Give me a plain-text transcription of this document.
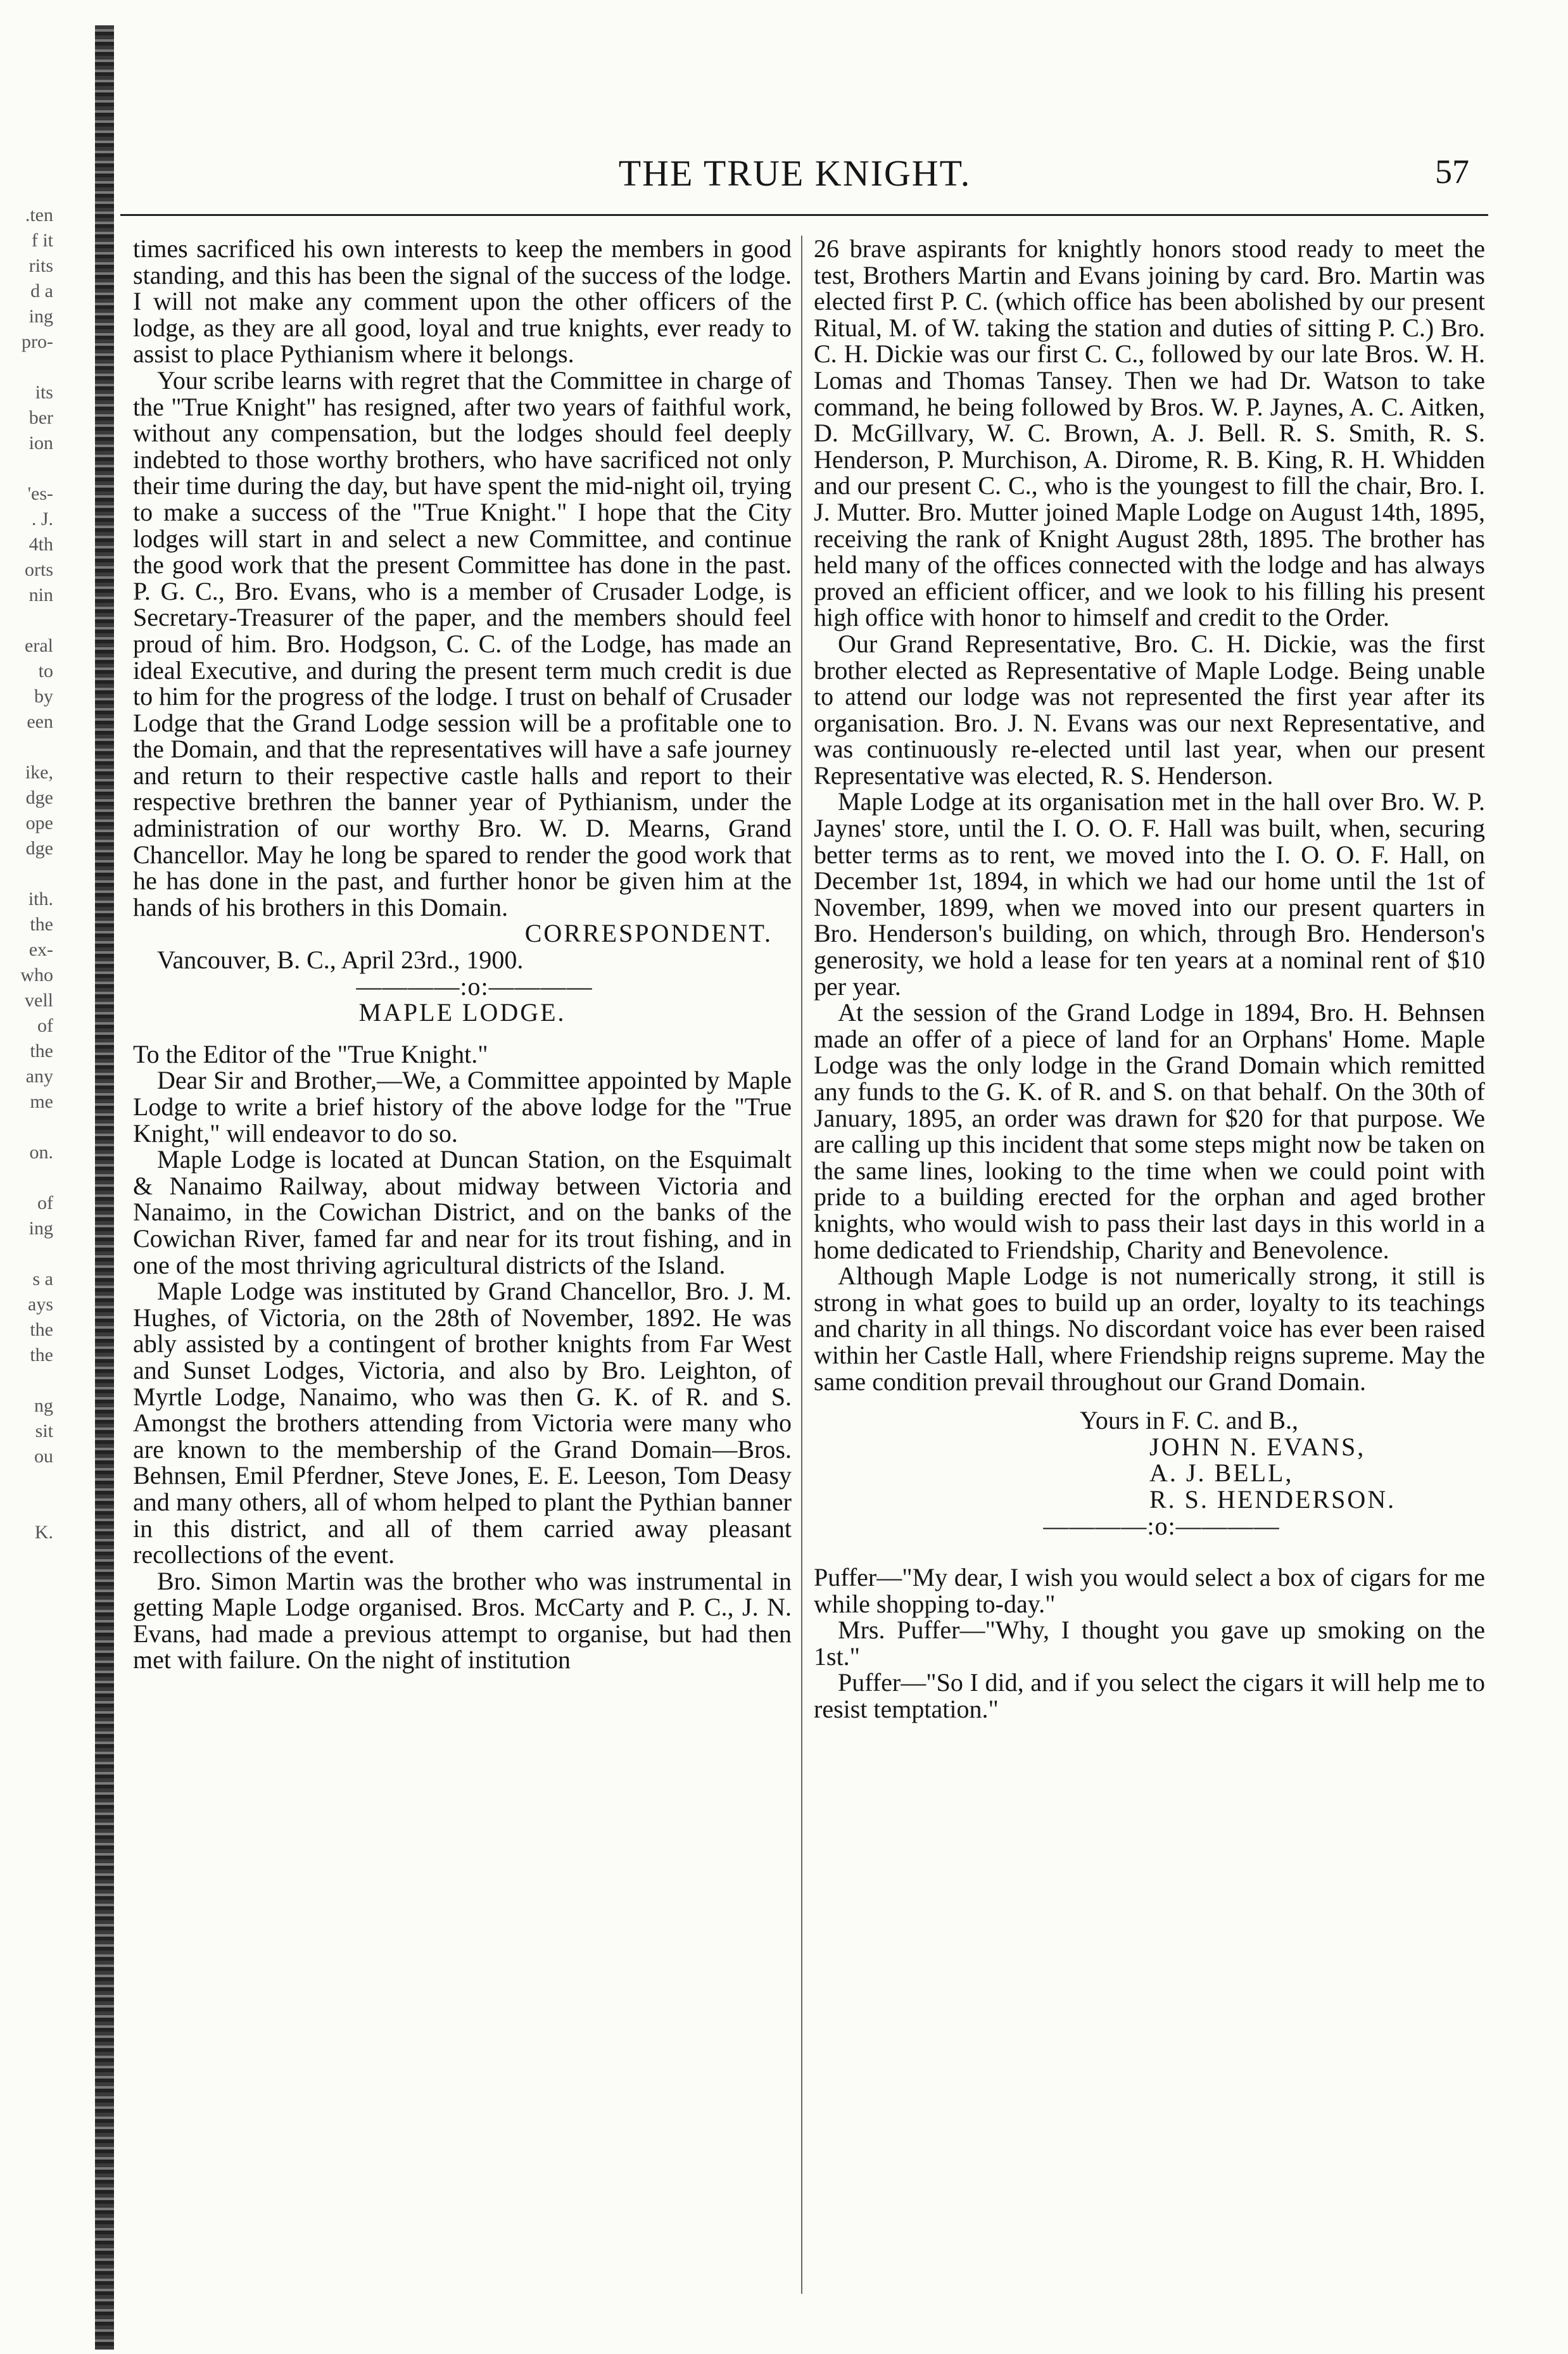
.ten
f it
rits
d a
ing
pro-
its
ber
ion
'es-
. J.
4th
orts
nin
eral
to
by
een
ike,
dge
ope
dge
ith.
the
ex-
who
vell
of
the
any
me
on.
of
ing
s a
ays
the
the
ng
sit
ou
K.
THE TRUE KNIGHT.	57

times sacrificed his own interests to keep the members in good standing, and this has been the signal of the success of the lodge. I will not make any comment upon the other officers of the lodge, as they are all good, loyal and true knights, ever ready to assist to place Pythianism where it belongs.

Your scribe learns with regret that the Committee in charge of the "True Knight" has resigned, after two years of faithful work, without any compensation, but the lodges should feel deeply indebted to those worthy brothers, who have sacrificed not only their time during the day, but have spent the mid-night oil, trying to make a success of the "True Knight." I hope that the City lodges will start in and select a new Committee, and continue the good work that the present Committee has done in the past. P. G. C., Bro. Evans, who is a member of Crusader Lodge, is Secretary-Treasurer of the paper, and the members should feel proud of him. Bro. Hodgson, C. C. of the Lodge, has made an ideal Executive, and during the present term much credit is due to him for the progress of the lodge. I trust on behalf of Crusader Lodge that the Grand Lodge session will be a profitable one to the Domain, and that the representatives will have a safe journey and return to their respective castle halls and report to their respective brethren the banner year of Pythianism, under the administration of our worthy Bro. W. D. Mearns, Grand Chancellor. May he long be spared to render the good work that he has done in the past, and further honor be given him at the hands of his brothers in this Domain.

CORRESPONDENT.

Vancouver, B. C., April 23rd., 1900.

————:o:————

MAPLE LODGE.

To the Editor of the "True Knight."

Dear Sir and Brother,—We, a Committee appointed by Maple Lodge to write a brief history of the above lodge for the "True Knight," will endeavor to do so.

Maple Lodge is located at Duncan Station, on the Esquimalt & Nanaimo Railway, about midway between Victoria and Nanaimo, in the Cowichan District, and on the banks of the Cowichan River, famed far and near for its trout fishing, and in one of the most thriving agricultural districts of the Island.

Maple Lodge was instituted by Grand Chancellor, Bro. J. M. Hughes, of Victoria, on the 28th of November, 1892. He was ably assisted by a contingent of brother knights from Far West and Sunset Lodges, Victoria, and also by Bro. Leighton, of Myrtle Lodge, Nanaimo, who was then G. K. of R. and S. Amongst the brothers attending from Victoria were many who are known to the membership of the Grand Domain—Bros. Behnsen, Emil Pferdner, Steve Jones, E. E. Leeson, Tom Deasy and many others, all of whom helped to plant the Pythian banner in this district, and all of them carried away pleasant recollections of the event.

Bro. Simon Martin was the brother who was instrumental in getting Maple Lodge organised. Bros. McCarty and P. C., J. N. Evans, had made a previous attempt to organise, but had then met with failure. On the night of institution

26 brave aspirants for knightly honors stood ready to meet the test, Brothers Martin and Evans joining by card. Bro. Martin was elected first P. C. (which office has been abolished by our present Ritual, M. of W. taking the station and duties of sitting P. C.) Bro. C. H. Dickie was our first C. C., followed by our late Bros. W. H. Lomas and Thomas Tansey. Then we had Dr. Watson to take command, he being followed by Bros. W. P. Jaynes, A. C. Aitken, D. McGillvary, W. C. Brown, A. J. Bell. R. S. Smith, R. S. Henderson, P. Murchison, A. Dirome, R. B. King, R. H. Whidden and our present C. C., who is the youngest to fill the chair, Bro. I. J. Mutter. Bro. Mutter joined Maple Lodge on August 14th, 1895, receiving the rank of Knight August 28th, 1895. The brother has held many of the offices connected with the lodge and has always proved an efficient officer, and we look to his filling his present high office with honor to himself and credit to the Order.

Our Grand Representative, Bro. C. H. Dickie, was the first brother elected as Representative of Maple Lodge. Being unable to attend our lodge was not represented the first year after its organisation. Bro. J. N. Evans was our next Representative, and was continuously re-elected until last year, when our present Representative was elected, R. S. Henderson.

Maple Lodge at its organisation met in the hall over Bro. W. P. Jaynes' store, until the I. O. O. F. Hall was built, when, securing better terms as to rent, we moved into the I. O. O. F. Hall, on December 1st, 1894, in which we had our home until the 1st of November, 1899, when we moved into our present quarters in Bro. Henderson's building, on which, through Bro. Henderson's generosity, we hold a lease for ten years at a nominal rent of $10 per year.

At the session of the Grand Lodge in 1894, Bro. H. Behnsen made an offer of a piece of land for an Orphans' Home. Maple Lodge was the only lodge in the Grand Domain which remitted any funds to the G. K. of R. and S. on that behalf. On the 30th of January, 1895, an order was drawn for $20 for that purpose. We are calling up this incident that some steps might now be taken on the same lines, looking to the time when we could point with pride to a building erected for the orphan and aged brother knights, who would wish to pass their last days in this world in a home dedicated to Friendship, Charity and Benevolence.

Although Maple Lodge is not numerically strong, it still is strong in what goes to build up an order, loyalty to its teachings and charity in all things. No discordant voice has ever been raised within her Castle Hall, where Friendship reigns supreme. May the same condition prevail throughout our Grand Domain.

Yours in F. C. and B.,

JOHN N. EVANS,

A. J. BELL,

R. S. HENDERSON.

————:o:————

Puffer—"My dear, I wish you would select a box of cigars for me while shopping to-day."

Mrs. Puffer—"Why, I thought you gave up smoking on the 1st."

Puffer—"So I did, and if you select the cigars it will help me to resist temptation."
